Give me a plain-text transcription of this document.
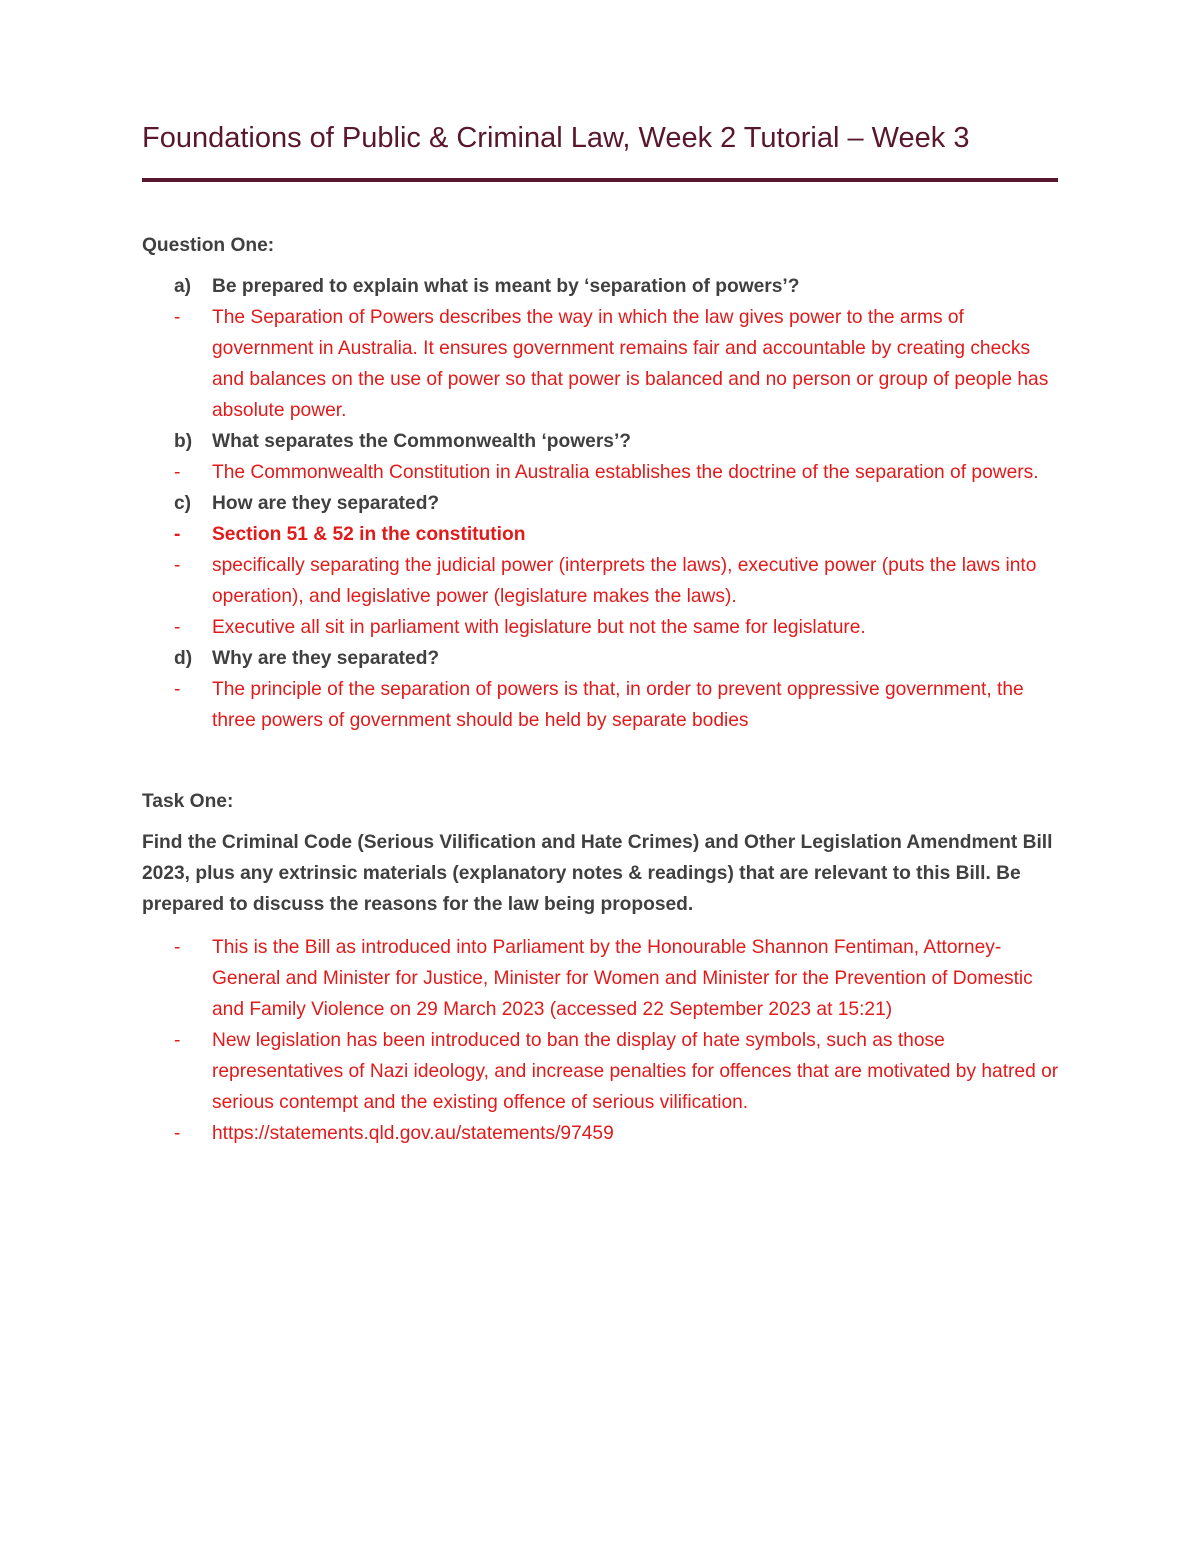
Foundations of Public & Criminal Law, Week 2 Tutorial – Week 3

Question One:

a)	Be prepared to explain what is meant by ‘separation of powers’?
-	The Separation of Powers describes the way in which the law gives power to the arms of government in Australia. It ensures government remains fair and accountable by creating checks and balances on the use of power so that power is balanced and no person or group of people has absolute power.
b)	What separates the Commonwealth ‘powers’?
-	The Commonwealth Constitution in Australia establishes the doctrine of the separation of powers.
c)	How are they separated?
-	Section 51 & 52 in the constitution
-	specifically separating the judicial power (interprets the laws), executive power (puts the laws into operation), and legislative power (legislature makes the laws).
-	Executive all sit in parliament with legislature but not the same for legislature.
d)	Why are they separated?
-	The principle of the separation of powers is that, in order to prevent oppressive government, the three powers of government should be held by separate bodies

Task One:

Find the Criminal Code (Serious Vilification and Hate Crimes) and Other Legislation Amendment Bill 2023, plus any extrinsic materials (explanatory notes & readings) that are relevant to this Bill. Be prepared to discuss the reasons for the law being proposed.

-	This is the Bill as introduced into Parliament by the Honourable Shannon Fentiman, Attorney-General and Minister for Justice, Minister for Women and Minister for the Prevention of Domestic and Family Violence on 29 March 2023 (accessed 22 September 2023 at 15:21)
-	New legislation has been introduced to ban the display of hate symbols, such as those representatives of Nazi ideology, and increase penalties for offences that are motivated by hatred or serious contempt and the existing offence of serious vilification.
-	https://statements.qld.gov.au/statements/97459
